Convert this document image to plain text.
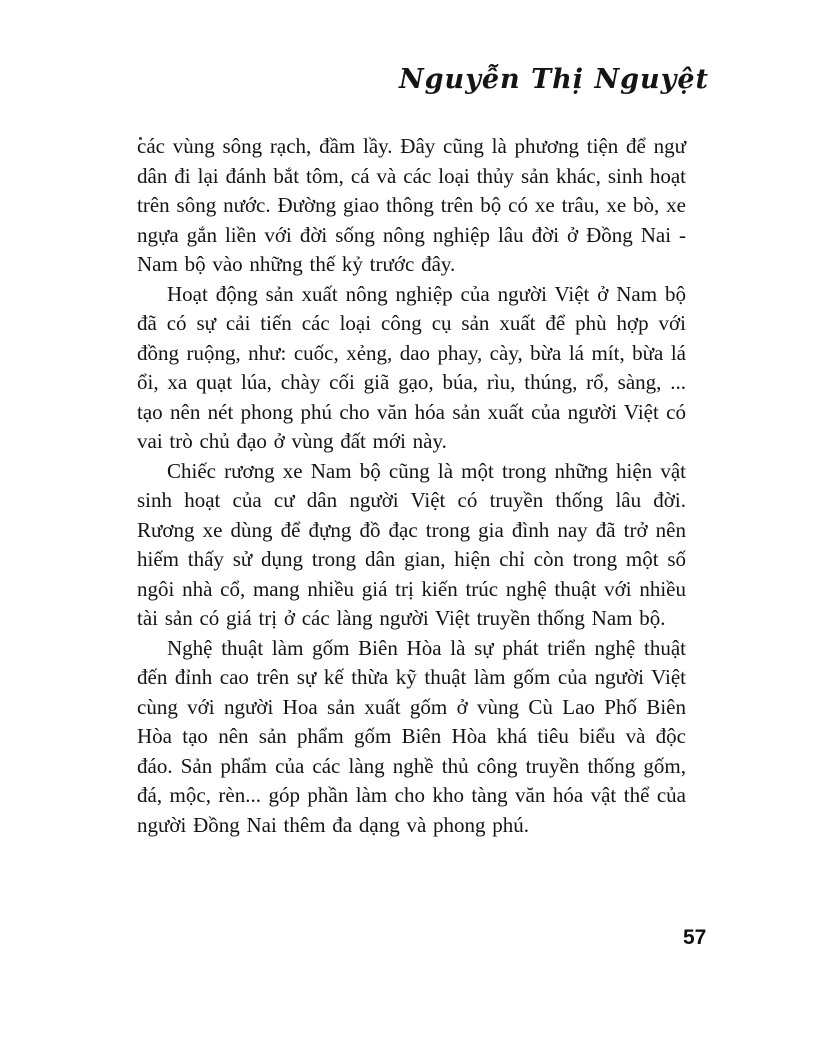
Nguyễn Thị Nguyệt

các vùng sông rạch, đầm lầy. Đây cũng là phương tiện để ngư dân đi lại đánh bắt tôm, cá và các loại thủy sản khác, sinh hoạt trên sông nước. Đường giao thông trên bộ có xe trâu, xe bò, xe ngựa gắn liền với đời sống nông nghiệp lâu đời ở Đồng Nai - Nam bộ vào những thế kỷ trước đây.

Hoạt động sản xuất nông nghiệp của người Việt ở Nam bộ đã có sự cải tiến các loại công cụ sản xuất để phù hợp với đồng ruộng, như: cuốc, xẻng, dao phay, cày, bừa lá mít, bừa lá ổi, xa quạt lúa, chày cối giã gạo, búa, rìu, thúng, rổ, sàng, ... tạo nên nét phong phú cho văn hóa sản xuất của người Việt có vai trò chủ đạo ở vùng đất mới này.

Chiếc rương xe Nam bộ cũng là một trong những hiện vật sinh hoạt của cư dân người Việt có truyền thống lâu đời. Rương xe dùng để đựng đồ đạc trong gia đình nay đã trở nên hiếm thấy sử dụng trong dân gian, hiện chỉ còn trong một số ngôi nhà cổ, mang nhiều giá trị kiến trúc nghệ thuật với nhiều tài sản có giá trị ở các làng người Việt truyền thống Nam bộ.

Nghệ thuật làm gốm Biên Hòa là sự phát triển nghệ thuật đến đỉnh cao trên sự kế thừa kỹ thuật làm gốm của người Việt cùng với người Hoa sản xuất gốm ở vùng Cù Lao Phố Biên Hòa tạo nên sản phẩm gốm Biên Hòa khá tiêu biểu và độc đáo. Sản phẩm của các làng nghề thủ công truyền thống gốm, đá, mộc, rèn... góp phần làm cho kho tàng văn hóa vật thể của người Đồng Nai thêm đa dạng và phong phú.

57
